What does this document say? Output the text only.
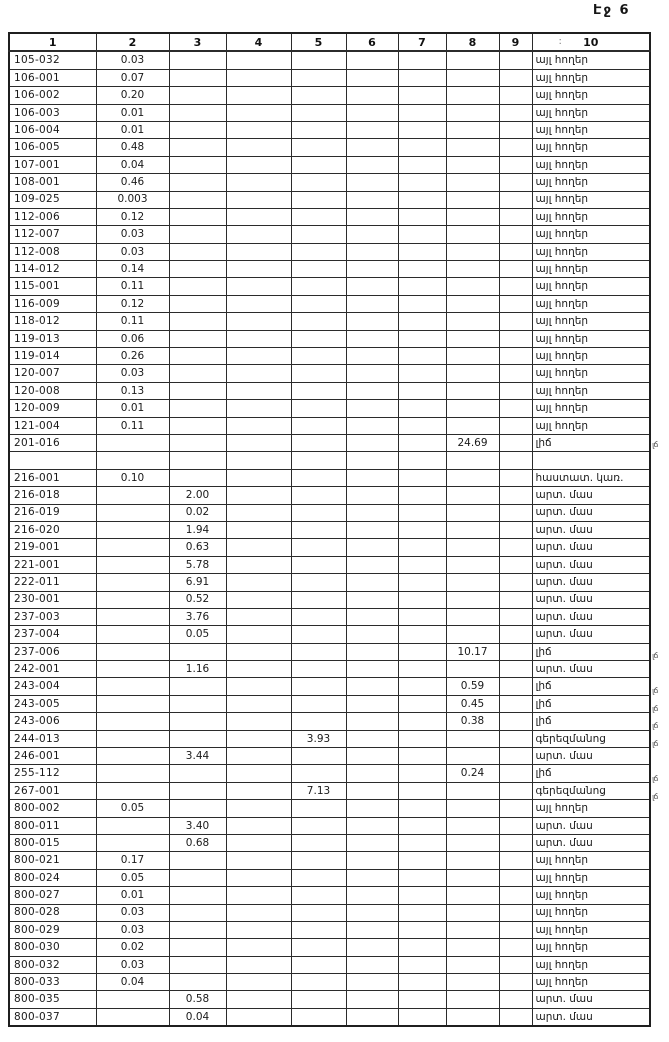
Էջ 6
1	2	3	4	5	6	7	8	9	: 10
105-032	0.03								այլ հողեր
106-001	0.07								այլ հողեր
106-002	0.20								այլ հողեր
106-003	0.01								այլ հողեր
106-004	0.01								այլ հողեր
106-005	0.48								այլ հողեր
107-001	0.04								այլ հողեր
108-001	0.46								այլ հողեր
109-025	0.003								այլ հողեր
112-006	0.12								այլ հողեր
112-007	0.03								այլ հողեր
112-008	0.03								այլ հողեր
114-012	0.14								այլ հողեր
115-001	0.11								այլ հողեր
116-009	0.12								այլ հողեր
118-012	0.11								այլ հողեր
119-013	0.06								այլ հողեր
119-014	0.26								այլ հողեր
120-007	0.03								այլ հողեր
120-008	0.13								այլ հողեր
120-009	0.01								այլ հողեր
121-004	0.11								այլ հողեր
201-016							24.69		լիճ

216-001	0.10								հաստատ. կառ.
216-018		2.00							արտ. մաս
216-019		0.02							արտ. մաս
216-020		1.94							արտ. մաս
219-001		0.63							արտ. մաս
221-001		5.78							արտ. մաս
222-011		6.91							արտ. մաս
230-001		0.52							արտ. մաս
237-003		3.76							արտ. մաս
237-004		0.05							արտ. մաս
237-006							10.17		լիճ
242-001		1.16							արտ. մաս
243-004							0.59		լիճ
243-005							0.45		լիճ
243-006							0.38		լիճ
244-013				3.93					գերեզմանոց
246-001		3.44							արտ. մաս
255-112							0.24		լիճ
267-001				7.13					գերեզմանոց
800-002	0.05								այլ հողեր
800-011		3.40							արտ. մաս
800-015		0.68							արտ. մաս
800-021	0.17								այլ հողեր
800-024	0.05								այլ հողեր
800-027	0.01								այլ հողեր
800-028	0.03								այլ հողեր
800-029	0.03								այլ հողեր
800-030	0.02								այլ հողեր
800-032	0.03								այլ հողեր
800-033	0.04								այլ հողեր
800-035		0.58							արտ. մաս
800-037		0.04							արտ. մաս
լճ
լճ
լճ
լճ
լճ
լճ
լճ
լճ
